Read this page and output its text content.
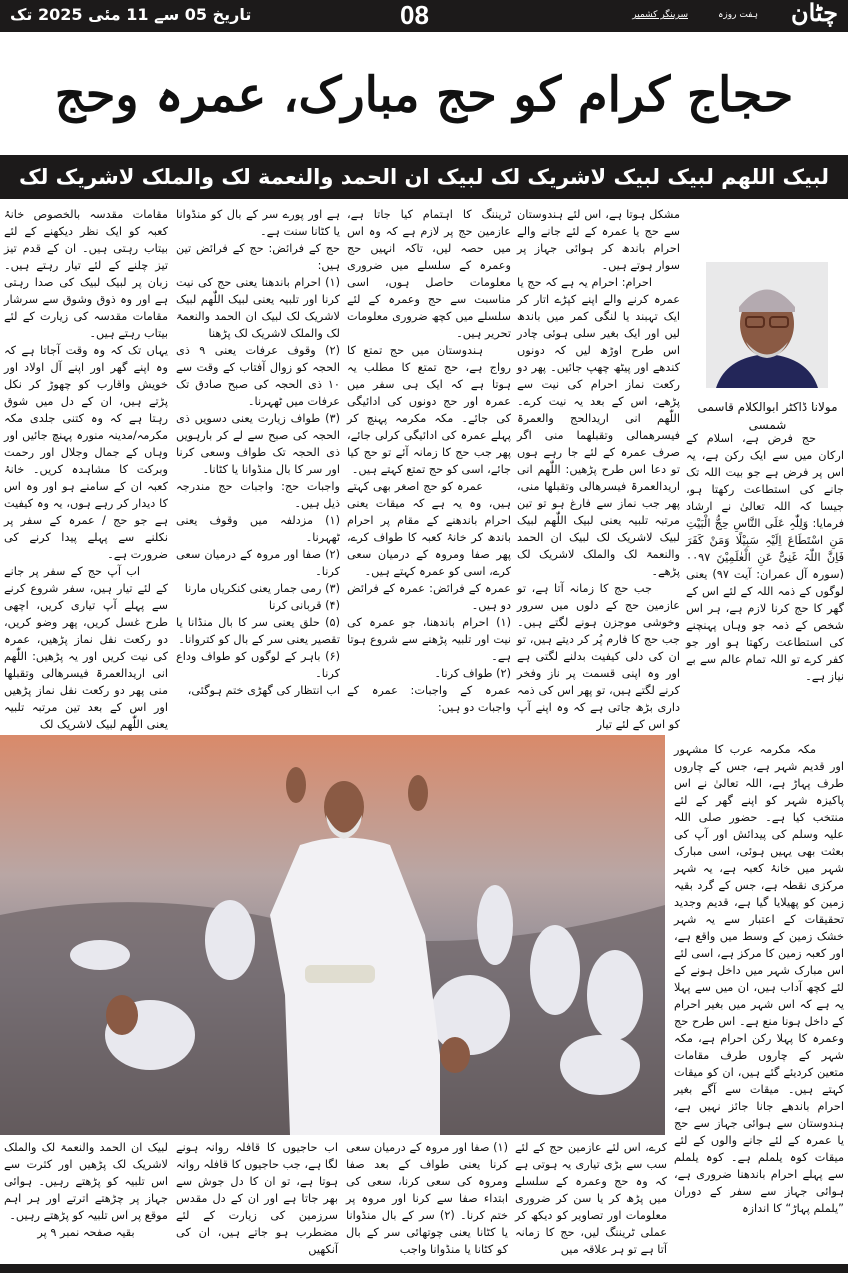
تاریخ 05 سے 11 مئی 2025 تک	08	چٹان
ہفت روزہ
سرینگر کشمیر
حجاج کرام کو حج مبارک، عمرہ وحج
لبیک اللھم لبیک لبیک لاشریک لک لبیک ان الحمد والنعمة لک والملک لاشریک لک
مولانا ڈاکٹر ابوالکلام قاسمی شمسی

حج فرض ہے، اسلام کے ارکان میں سے ایک رکن ہے، یہ اس پر فرض ہے جو بیت اللہ تک جانے کی استطاعت رکھتا ہو، جیسا کہ اللہ تعالیٰ نے ارشاد فرمایا: وَلِلّٰہِ عَلَی النَّاسِ حِجُّ الْبَیْتِ مَنِ اسْتَطَاعَ اِلَیْہِ سَبِیْلًا وَمَنْ کَفَرَ فَاِنَّ اللّٰہَ غَنِیٌّ عَنِ الْعٰلَمِیْنَ ۰۰۹۷ (سورہ آل عمران: آیت ۹۷) یعنی لوگوں کے ذمہ اللہ کے لئے اس کے گھر کا حج کرنا لازم ہے، ہر اس شخص کے ذمہ جو وہاں پہنچنے کی استطاعت رکھتا ہو اور جو کفر کرے تو اللہ تمام عالم سے بے نیاز ہے۔

مکہ مکرمہ عرب کا مشہور اور قدیم شہر ہے، جس کے چاروں طرف پہاڑ ہے، اللہ تعالیٰ نے اس پاکیزہ شہر کو اپنے گھر کے لئے منتخب کیا ہے۔ حضور صلی اللہ علیہ وسلم کی پیدائش اور آپ کی بعثت بھی یہیں ہوئی، اسی مبارک شہر میں خانۂ کعبہ ہے، یہ شہر مرکزی نقطہ ہے، جس کے گرد بقیہ زمین کو پھیلایا گیا ہے، قدیم وجدید تحقیقات کے اعتبار سے یہ شہر خشک زمین کے وسط میں واقع ہے، اور کعبہ زمین کا مرکز ہے، اسی لئے اس مبارک شہر میں داخل ہونے کے لئے کچھ آداب ہیں، ان میں سے پہلا یہ ہے کہ اس شہر میں بغیر احرام کے داخل ہونا منع ہے۔ اس طرح حج وعمرہ کا پہلا رکن احرام ہے، مکہ شہر کے چاروں طرف مقامات متعین کردیئے گئے ہیں، ان کو میقات کہتے ہیں۔ میقات سے آگے بغیر احرام باندھے جانا جائز نہیں ہے، ہندوستان سے ہوائی جہاز سے حج یا عمرہ کے لئے جانے والوں کے لئے میقات کوہ یلملم ہے۔ کوہ یلملم سے پہلے احرام باندھنا ضروری ہے، ہوائی جہاز سے سفر کے دوران ”یلملم پہاڑ“ کا اندازہ

مشکل ہوتا ہے، اس لئے ہندوستان سے حج یا عمرہ کے لئے جانے والے احرام باندھ کر ہوائی جہاز پر سوار ہوتے ہیں۔

احرام: احرام یہ ہے کہ حج یا عمرہ کرنے والے اپنے کپڑے اتار کر ایک تہبند یا لنگی کمر میں باندھ لیں اور ایک بغیر سلی ہوئی چادر اس طرح اوڑھ لیں کہ دونوں کندھے اور پیٹھ چھپ جائیں۔ پھر دو رکعت نماز احرام کی نیت سے پڑھے، اس کے بعد یہ نیت کرے۔ اللّٰھم انی اریدالحج والعمرۃ فیسرھمالی وتقبلھما منی اگر صرف عمرہ کے لئے جا رہے ہوں تو دعا اس طرح پڑھیں: اللّٰھم انی اریدالعمرۃ فیسرھالی وتقبلھا منی، پھر جب نماز سے فارغ ہو تو تین مرتبہ تلبیہ یعنی لبیک اللّٰھم لبیک لبیک لاشریک لک لبیک ان الحمد والنعمۃ لک والملک لاشریک لک پڑھے۔

جب حج کا زمانہ آتا ہے، تو عازمین حج کے دلوں میں سرور وخوشی موجزن ہونے لگتے ہیں۔ جب حج کا فارم پُر کر دیتے ہیں، تو ان کی دلی کیفیت بدلنے لگتی ہے اور وہ اپنی قسمت پر ناز وفخر کرنے لگتے ہیں، تو پھر اس کی ذمہ داری بڑھ جاتی ہے کہ وہ اپنے آپ کو اس کے لئے تیار

ٹریننگ کا اہتمام کیا جاتا ہے، عازمین حج پر لازم ہے کہ وہ اس میں حصہ لیں، تاکہ انہیں حج وعمرہ کے سلسلے میں ضروری معلومات حاصل ہوں، اسی مناسبت سے حج وعمرہ کے لئے سلسلے میں کچھ ضروری معلومات تحریر ہیں۔

ہندوستان میں حج تمتع کا رواج ہے، حج تمتع کا مطلب یہ ہوتا ہے کہ ایک ہی سفر میں عمرہ اور حج دونوں کی ادائیگی کی جائے۔ مکہ مکرمہ پہنچ کر پہلے عمرہ کی ادائیگی کرلی جائے، پھر جب حج کا زمانہ آئے تو حج کیا جائے، اسی کو حج تمتع کہتے ہیں۔

عمرہ کو حج اصغر بھی کہتے ہیں، وہ یہ ہے کہ میقات یعنی احرام باندھنے کے مقام پر احرام باندھ کر خانۂ کعبہ کا طواف کرے، پھر صفا ومروہ کے درمیان سعی کرے، اسی کو عمرہ کہتے ہیں۔

عمرہ کے فرائض: عمرہ کے فرائض دو ہیں۔

(۱) احرام باندھنا، جو عمرہ کی نیت اور تلبیہ پڑھنے سے شروع ہوتا ہے۔

(۲) طواف کرنا۔

عمرہ کے واجبات: عمرہ کے واجبات دو ہیں:

ہے اور پورے سر کے بال کو منڈوانا یا کٹانا سنت ہے۔

حج کے فرائض: حج کے فرائض تین ہیں:

(۱) احرام باندھنا یعنی حج کی نیت کرنا اور تلبیہ یعنی لبیک اللّٰھم لبیک لاشریک لک لبیک ان الحمد والنعمۃ لک والملک لاشریک لک پڑھنا

(۲) وقوف عرفات یعنی ۹ ذی الحجہ کو زوال آفتاب کے وقت سے ۱۰ ذی الحجہ کی صبح صادق تک عرفات میں ٹھہرنا۔

(۳) طواف زیارت یعنی دسویں ذی الحجہ کی صبح سے لے کر بارہویں ذی الحجہ تک طواف وسعی کرنا اور سر کا بال منڈوانا یا کٹانا۔

واجبات حج: واجبات حج مندرجہ ذیل ہیں۔

(۱) مزدلفہ میں وقوف یعنی ٹھہرنا۔

(۲) صفا اور مروہ کے درمیان سعی کرنا۔

(۳) رمی جمار یعنی کنکریاں مارنا

(۴) قربانی کرنا

(۵) حلق یعنی سر کا بال منڈانا یا تقصیر یعنی سر کے بال کو کتروانا۔

(۶) باہر کے لوگوں کو طواف وداع کرنا۔

اب انتظار کی گھڑی ختم ہوگئی،

مقامات مقدسہ بالخصوص خانۂ کعبہ کو ایک نظر دیکھنے کے لئے بیتاب رہتی ہیں۔ ان کے قدم تیز تیز چلنے کے لئے تیار رہتے ہیں۔ زبان پر لبیک لبیک کی صدا رہتی ہے اور وہ ذوق وشوق سے سرشار مقامات مقدسہ کی زیارت کے لئے بیتاب رہتے ہیں۔

یہاں تک کہ وہ وقت آجاتا ہے کہ وہ اپنے گھر اور اپنے آل اولاد اور خویش واقارب کو چھوڑ کر نکل پڑتے ہیں، ان کے دل میں شوق رہتا ہے کہ وہ کتنی جلدی مکہ مکرمہ/مدینہ منورہ پہنچ جائیں اور وہاں کے جمال وجلال اور رحمت وبرکت کا مشاہدہ کریں۔ خانۂ کعبہ ان کے سامنے ہو اور وہ اس کا دیدار کر رہے ہوں، یہ وہ کیفیت ہے جو حج / عمرہ کے سفر پر نکلنے سے پہلے پیدا کرنے کی ضرورت ہے۔

اب آپ حج کے سفر پر جانے کے لئے تیار ہیں، سفر شروع کرنے سے پہلے آپ تیاری کریں، اچھی طرح غسل کریں، پھر وضو کریں، دو رکعت نفل نماز پڑھیں، عمرہ کی نیت کریں اور یہ پڑھیں: اللّٰھم انی اریدالعمرۃ فیسرھالی وتقبلھا منی پھر دو رکعت نفل نماز پڑھیں اور اس کے بعد تین مرتبہ تلبیہ یعنی اللّٰھم لبیک لاشریک لک

کرے، اس لئے عازمین حج کے لئے سب سے بڑی تیاری یہ ہوتی ہے کہ وہ حج وعمرہ کے سلسلے میں پڑھ کر یا سن کر ضروری معلومات اور تصاویر کو دیکھ کر عملی ٹریننگ لیں، حج کا زمانہ آتا ہے تو ہر علاقہ میں

(۱) صفا اور مروہ کے درمیان سعی کرنا یعنی طواف کے بعد صفا ومروہ کی سعی کرنا، سعی کی ابتداء صفا سے کرنا اور مروہ پر ختم کرنا۔ (۲) سر کے بال منڈوانا یا کٹانا یعنی چوتھائی سر کے بال کو کٹانا یا منڈوانا واجب

اب حاجیوں کا قافلہ روانہ ہونے لگا ہے، جب حاجیوں کا قافلہ روانہ ہوتا ہے، تو ان کا دل جوش سے بھر جاتا ہے اور ان کے دل مقدس سرزمین کی زیارت کے لئے مضطرب ہو جاتے ہیں، ان کی آنکھیں

لبیک ان الحمد والنعمۃ لک والملک لاشریک لک پڑھیں اور کثرت سے اس تلبیہ کو پڑھتے رہیں۔ ہوائی جہاز پر چڑھتے اترتے اور ہر اہم موقع پر اس تلبیہ کو پڑھتے رہیں۔

بقیہ صفحہ نمبر ۹ پر
